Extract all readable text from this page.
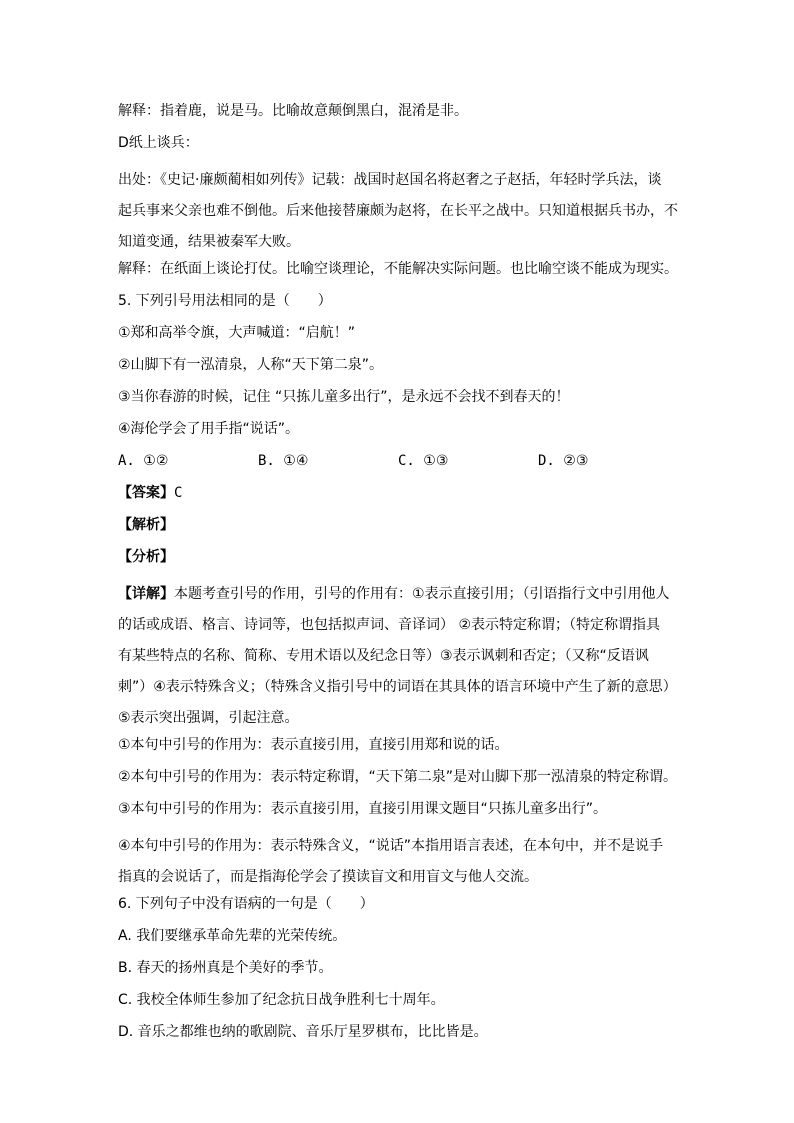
解释：指着鹿，说是马。比喻故意颠倒黑白，混淆是非。
D纸上谈兵：
出处：《史记·廉颇蔺相如列传》记载：战国时赵国名将赵奢之子赵括，年轻时学兵法，谈
起兵事来父亲也难不倒他。后来他接替廉颇为赵将，在长平之战中。只知道根据兵书办，不
知道变通，结果被秦军大败。
解释：在纸面上谈论打仗。比喻空谈理论，不能解决实际问题。也比喻空谈不能成为现实。
5. 下列引号用法相同的是（　　）
①郑和高举令旗，大声喊道：“启航！”
②山脚下有一泓清泉，人称“天下第二泉”。
③当你春游的时候，记住 “只拣儿童多出行”，是永远不会找不到春天的！
④海伦学会了用手指“说话”。
A. ①②	B. ①④	C. ①③	D. ②③
【答案】C
【解析】
【分析】
【详解】本题考查引号的作用，引号的作用有：①表示直接引用；（引语指行文中引用他人
的话或成语、格言、诗词等，也包括拟声词、音译词） ②表示特定称谓；（特定称谓指具
有某些特点的名称、简称、专用术语以及纪念日等）③表示讽刺和否定；（又称“反语讽
刺”）④表示特殊含义；（特殊含义指引号中的词语在其具体的语言环境中产生了新的意思）
⑤表示突出强调，引起注意。
①本句中引号的作用为：表示直接引用，直接引用郑和说的话。
②本句中引号的作用为：表示特定称谓，“天下第二泉”是对山脚下那一泓清泉的特定称谓。
③本句中引号的作用为：表示直接引用，直接引用课文题目“只拣儿童多出行”。
④本句中引号的作用为：表示特殊含义，“说话”本指用语言表述，在本句中，并不是说手
指真的会说话了，而是指海伦学会了摸读盲文和用盲文与他人交流。
6. 下列句子中没有语病的一句是（　　）
A. 我们要继承革命先辈的光荣传统。
B. 春天的扬州真是个美好的季节。
C. 我校全体师生参加了纪念抗日战争胜利七十周年。
D. 音乐之都维也纳的歌剧院、音乐厅星罗棋布，比比皆是。
